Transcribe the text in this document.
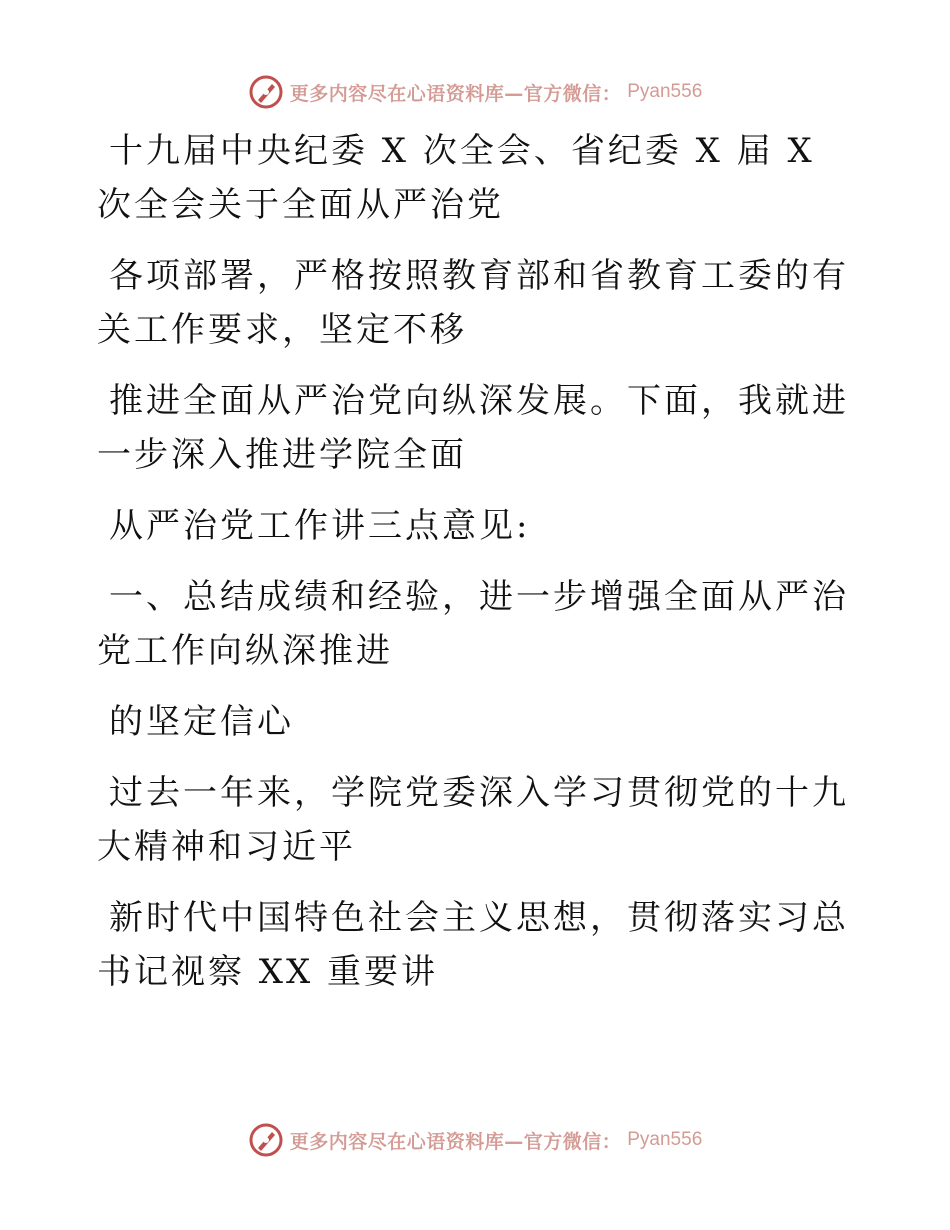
更多内容尽在心语资料库—官方微信： Pyan556

十九届中央纪委 X 次全会、省纪委 X 届 X 次全会关于全面从严治党

各项部署，严格按照教育部和省教育工委的有关工作要求，坚定不移

推进全面从严治党向纵深发展。下面，我就进一步深入推进学院全面

从严治党工作讲三点意见:

一、总结成绩和经验，进一步增强全面从严治党工作向纵深推进

的坚定信心

过去一年来，学院党委深入学习贯彻党的十九大精神和习近平

新时代中国特色社会主义思想，贯彻落实习总书记视察 XX 重要讲

更多内容尽在心语资料库—官方微信： Pyan556
